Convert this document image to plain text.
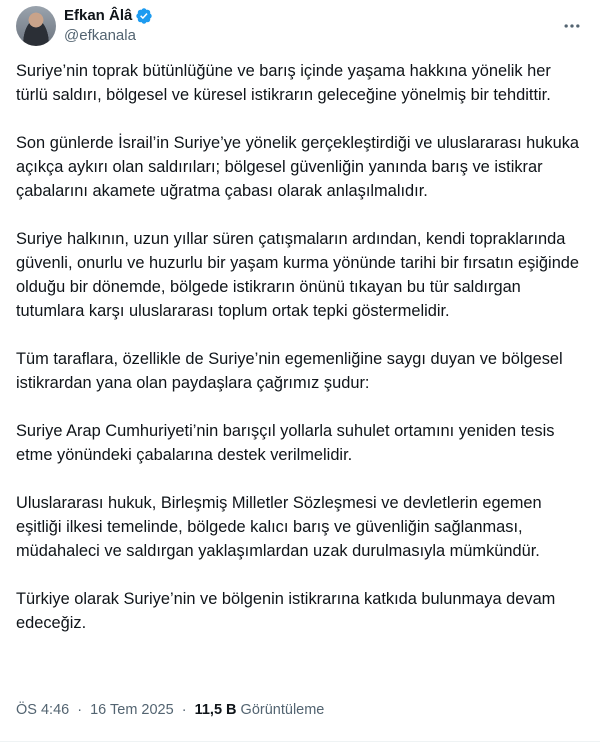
Efkan Âlâ
@efkanala

Suriye’nin toprak bütünlüğüne ve barış içinde yaşama hakkına yönelik her türlü saldırı, bölgesel ve küresel istikrarın geleceğine yönelmiş bir tehdittir.

Son günlerde İsrail’in Suriye’ye yönelik gerçekleştirdiği ve uluslararası hukuka açıkça aykırı olan saldırıları; bölgesel güvenliğin yanında barış ve istikrar çabalarını akamete uğratma çabası olarak anlaşılmalıdır.

Suriye halkının, uzun yıllar süren çatışmaların ardından, kendi topraklarında güvenli, onurlu ve huzurlu bir yaşam kurma yönünde tarihi bir fırsatın eşiğinde olduğu bir dönemde, bölgede istikrarın önünü tıkayan bu tür saldırgan tutumlara karşı uluslararası toplum ortak tepki göstermelidir.

Tüm taraflara, özellikle de Suriye’nin egemenliğine saygı duyan ve bölgesel istikrardan yana olan paydaşlara çağrımız şudur:

Suriye Arap Cumhuriyeti’nin barışçıl yollarla suhulet ortamını yeniden tesis etme yönündeki çabalarına destek verilmelidir.

Uluslararası hukuk, Birleşmiş Milletler Sözleşmesi ve devletlerin egemen eşitliği ilkesi temelinde, bölgede kalıcı barış ve güvenliğin sağlanması, müdahaleci ve saldırgan yaklaşımlardan uzak durulmasıyla mümkündür.

Türkiye olarak Suriye’nin ve bölgenin istikrarına katkıda bulunmaya devam edeceğiz.

ÖS 4:46 · 16 Tem 2025 · 11,5 B Görüntüleme
